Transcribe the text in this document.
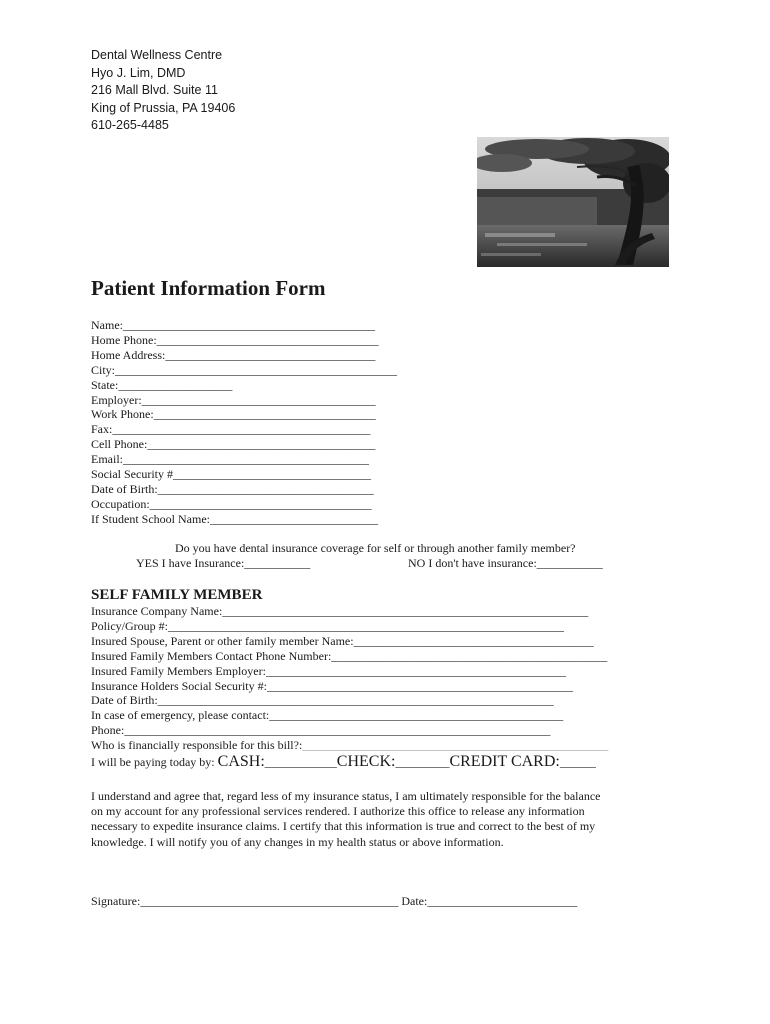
Dental Wellness Centre
Hyo J. Lim, DMD
216 Mall Blvd. Suite 11
King of Prussia, PA 19406
610-265-4485
Patient Information Form
Name:__________________________________________
Home Phone:_____________________________________
Home Address:___________________________________
City:_______________________________________________
State:___________________
Employer:_______________________________________
Work Phone:_____________________________________
Fax:___________________________________________
Cell Phone:______________________________________
Email:_________________________________________
Social Security #_________________________________
Date of Birth:____________________________________
Occupation:_____________________________________
If Student School Name:____________________________
Do you have dental insurance coverage for self or through another family member?
YES I have Insurance:___________	NO I don't have insurance:___________
SELF FAMILY MEMBER
Insurance Company Name:_____________________________________________________________
Policy/Group #:__________________________________________________________________
Insured Spouse, Parent or other family member Name:________________________________________
Insured Family Members Contact Phone Number:______________________________________________
Insured Family Members Employer:__________________________________________________
Insurance Holders Social Security #:___________________________________________________
Date of Birth:__________________________________________________________________
In case of emergency, please contact:_________________________________________________
Phone:_______________________________________________________________________
Who is financially responsible for this bill?:___________________________________________________
I will be paying today by: CASH:____________CHECK:_________CREDIT CARD:______
I understand and agree that, regard less of my insurance status, I am ultimately responsible for the balance
on my account for any professional services rendered. I authorize this office to release any information
necessary to expedite insurance claims. I certify that this information is true and correct to the best of my
knowledge. I will notify you of any changes in my health status or above information.
Signature:___________________________________________ Date:_________________________
